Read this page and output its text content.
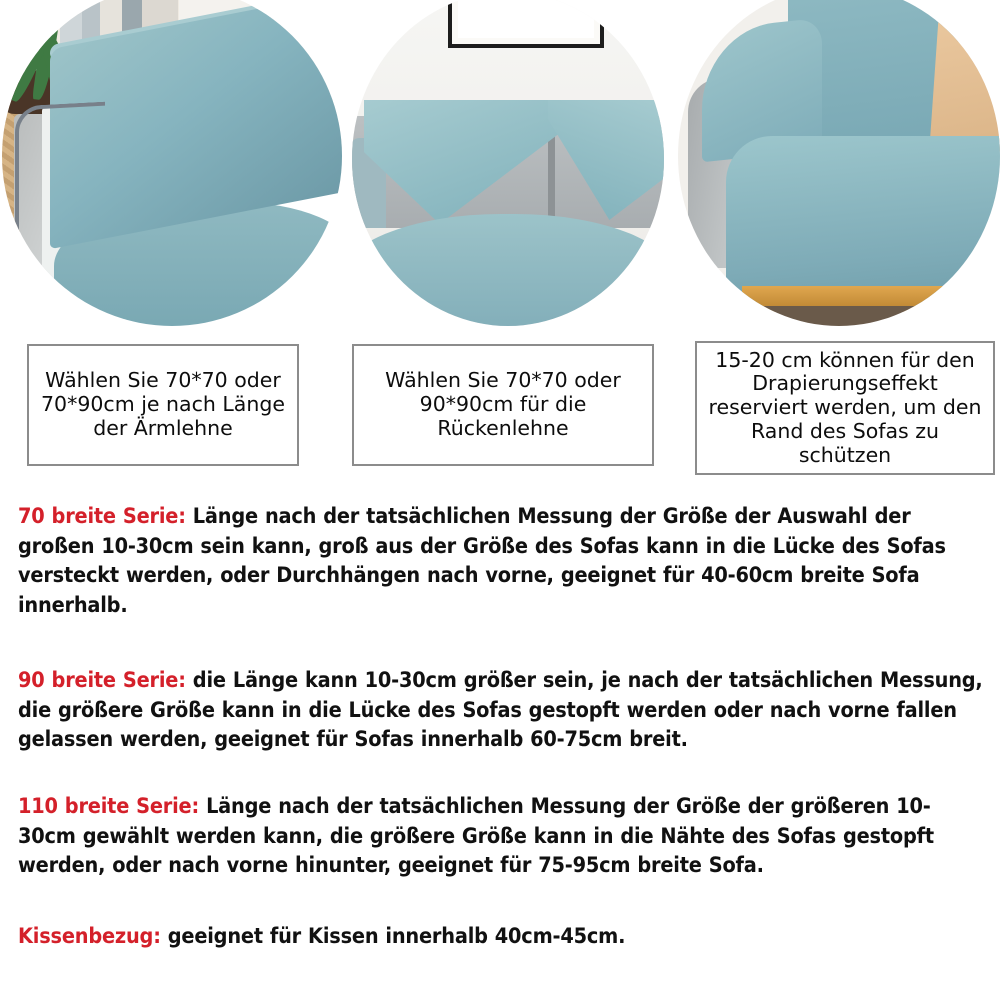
Wählen Sie 70*70 oder 70*90cm je nach Länge der Ärmlehne
Wählen Sie 70*70 oder 90*90cm für die Rückenlehne
15-20 cm können für den Drapierungseffekt reserviert werden, um den Rand des Sofas zu schützen

70 breite Serie: Länge nach der tatsächlichen Messung der Größe der Auswahl der großen 10-30cm sein kann, groß aus der Größe des Sofas kann in die Lücke des Sofas versteckt werden, oder Durchhängen nach vorne, geeignet für 40-60cm breite Sofa innerhalb.

90 breite Serie: die Länge kann 10-30cm größer sein, je nach der tatsächlichen Messung, die größere Größe kann in die Lücke des Sofas gestopft werden oder nach vorne fallen gelassen werden, geeignet für Sofas innerhalb 60-75cm breit.

110 breite Serie: Länge nach der tatsächlichen Messung der Größe der größeren 10-30cm gewählt werden kann, die größere Größe kann in die Nähte des Sofas gestopft werden, oder nach vorne hinunter, geeignet für 75-95cm breite Sofa.

Kissenbezug: geeignet für Kissen innerhalb 40cm-45cm.
